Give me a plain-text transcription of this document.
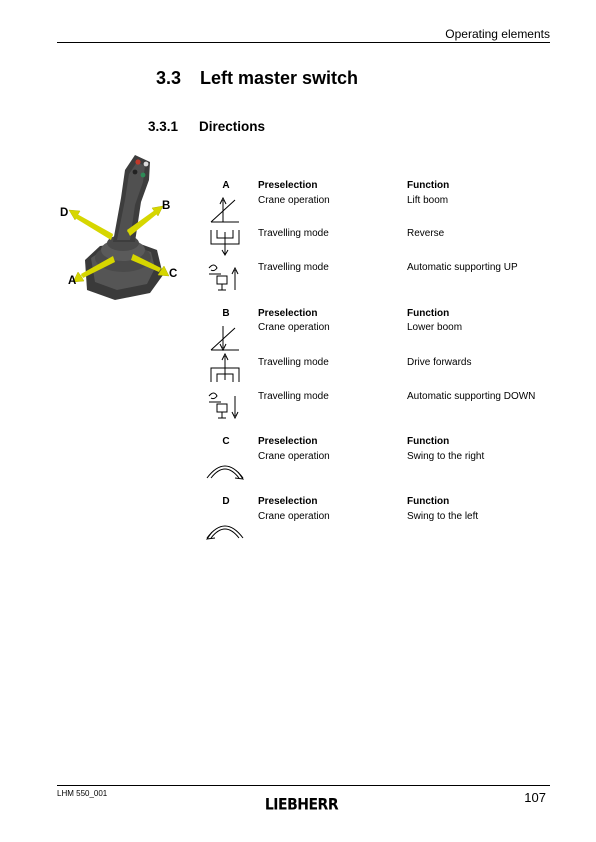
Operating elements
3.3 Left master switch
3.3.1 Directions
D
B
A
C
A	Preselection	Function
Crane operation	Lift boom
Travelling mode	Reverse
Travelling mode	Automatic supporting UP
B	Preselection	Function
Crane operation	Lower boom
Travelling mode	Drive forwards
Travelling mode	Automatic supporting DOWN
C	Preselection	Function
Crane operation	Swing to the right
D	Preselection	Function
Crane operation	Swing to the left
LHM 550_001	107
LIEBHERR
